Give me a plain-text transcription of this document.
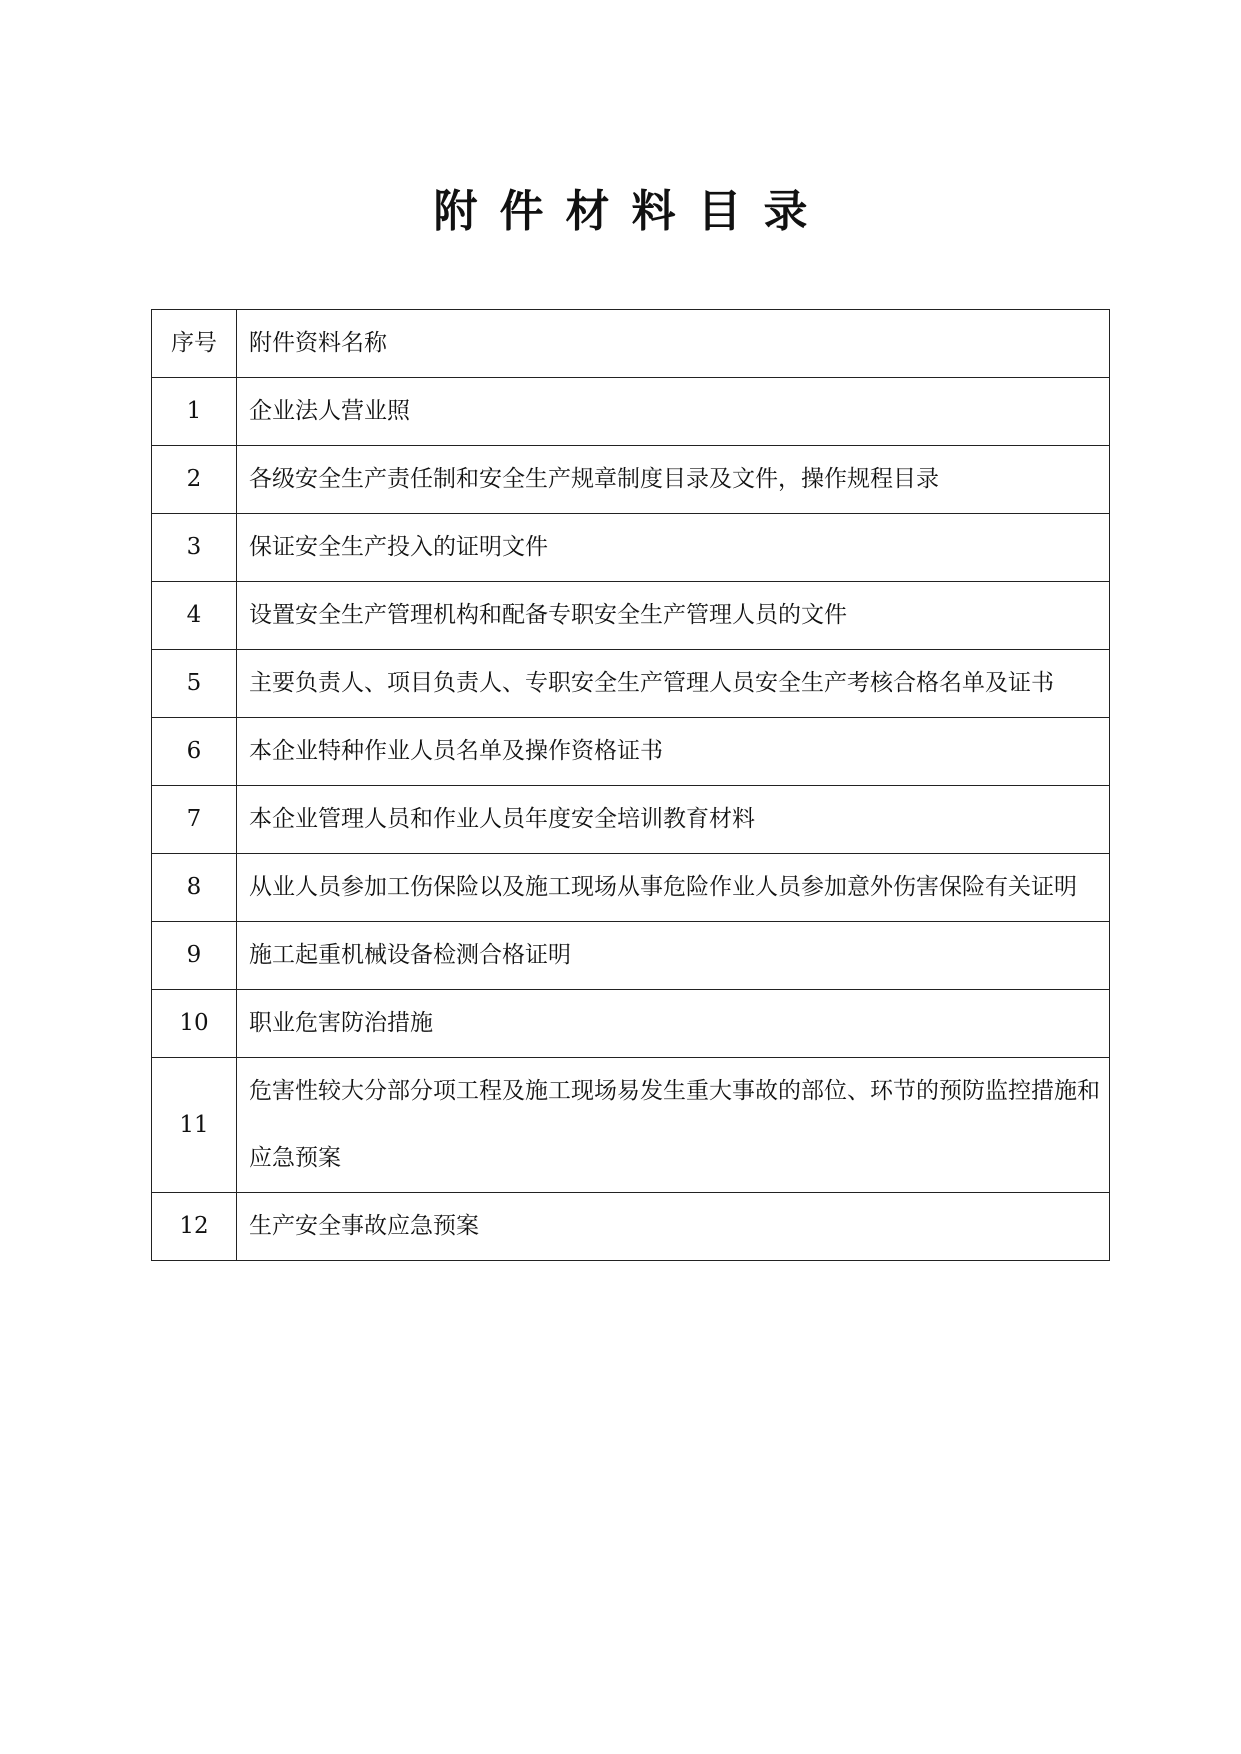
附件材料目录
序号	附件资料名称
1	企业法人营业照
2	各级安全生产责任制和安全生产规章制度目录及文件，操作规程目录
3	保证安全生产投入的证明文件
4	设置安全生产管理机构和配备专职安全生产管理人员的文件
5	主要负责人、项目负责人、专职安全生产管理人员安全生产考核合格名单及证书
6	本企业特种作业人员名单及操作资格证书
7	本企业管理人员和作业人员年度安全培训教育材料
8	从业人员参加工伤保险以及施工现场从事危险作业人员参加意外伤害保险有关证明
9	施工起重机械设备检测合格证明
10	职业危害防治措施
11	危害性较大分部分项工程及施工现场易发生重大事故的部位、环节的预防监控措施和应急预案
12	生产安全事故应急预案
